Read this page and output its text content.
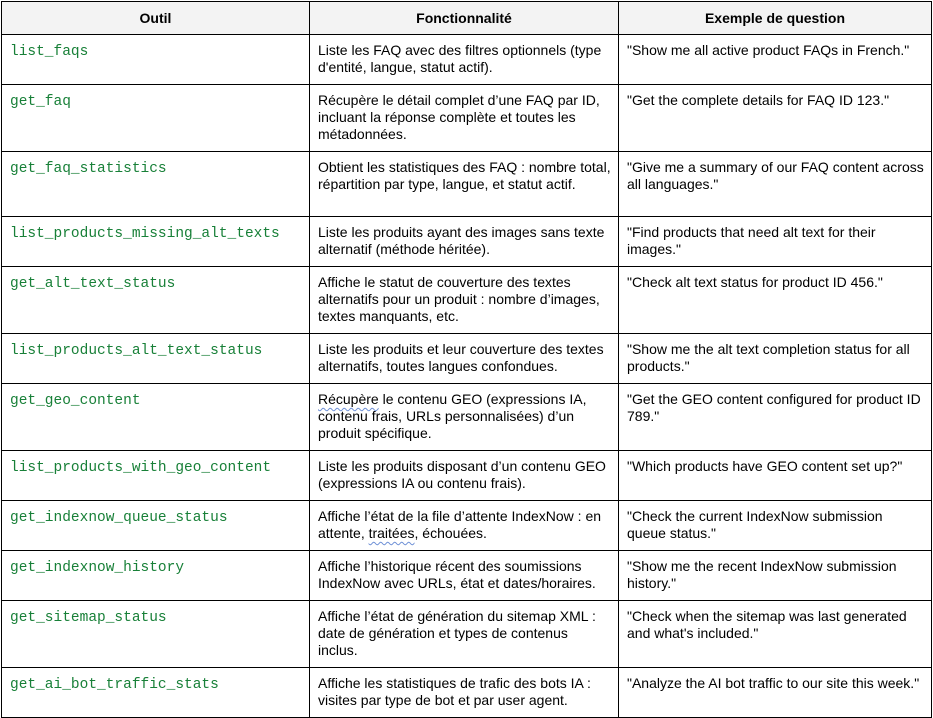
Outil	Fonctionnalité	Exemple de question
list_faqs	Liste les FAQ avec des filtres optionnels (type d'entité, langue, statut actif).	"Show me all active product FAQs in French."
get_faq	Récupère le détail complet d’une FAQ par ID, incluant la réponse complète et toutes les métadonnées.	"Get the complete details for FAQ ID 123."
get_faq_statistics	Obtient les statistiques des FAQ : nombre total, répartition par type, langue, et statut actif.	"Give me a summary of our FAQ content across all languages."
list_products_missing_alt_texts	Liste les produits ayant des images sans texte alternatif (méthode héritée).	"Find products that need alt text for their images."
get_alt_text_status	Affiche le statut de couverture des textes alternatifs pour un produit : nombre d’images, textes manquants, etc.	"Check alt text status for product ID 456."
list_products_alt_text_status	Liste les produits et leur couverture des textes alternatifs, toutes langues confondues.	"Show me the alt text completion status for all products."
get_geo_content	Récupère le contenu GEO (expressions IA, contenu frais, URLs personnalisées) d’un produit spécifique.	"Get the GEO content configured for product ID 789."
list_products_with_geo_content	Liste les produits disposant d’un contenu GEO (expressions IA ou contenu frais).	"Which products have GEO content set up?"
get_indexnow_queue_status	Affiche l’état de la file d’attente IndexNow : en attente, traitées, échouées.	"Check the current IndexNow submission queue status."
get_indexnow_history	Affiche l’historique récent des soumissions IndexNow avec URLs, état et dates/horaires.	"Show me the recent IndexNow submission history."
get_sitemap_status	Affiche l’état de génération du sitemap XML : date de génération et types de contenus inclus.	"Check when the sitemap was last generated and what's included."
get_ai_bot_traffic_stats	Affiche les statistiques de trafic des bots IA : visites par type de bot et par user agent.	"Analyze the AI bot traffic to our site this week."
